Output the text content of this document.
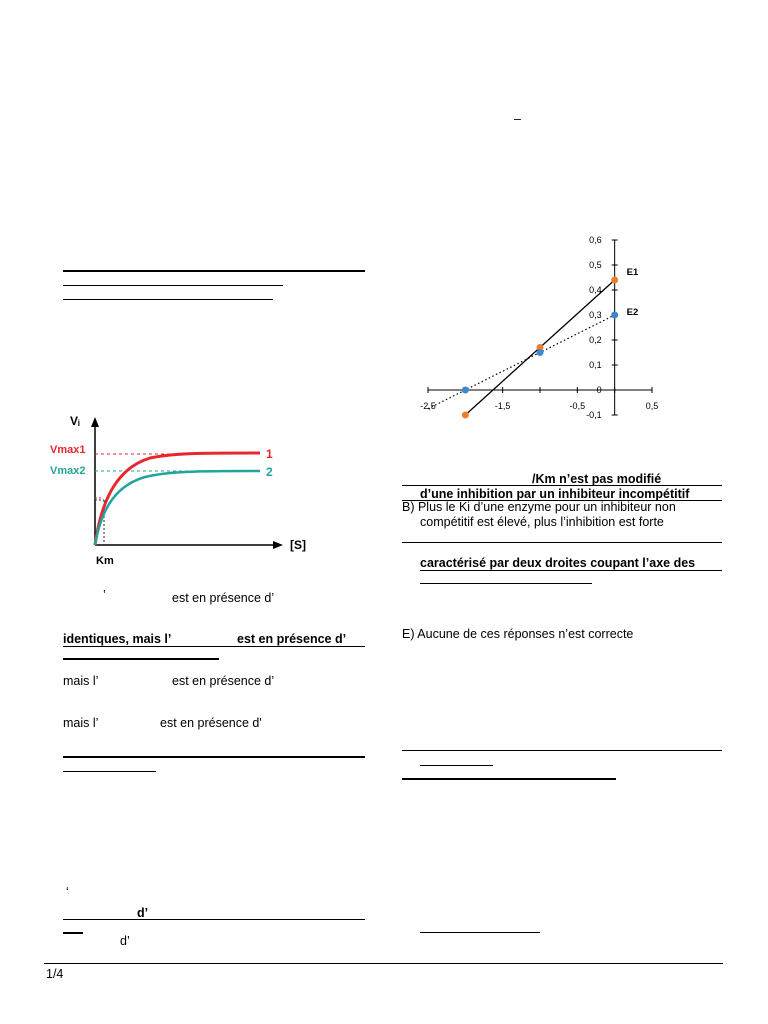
–
Vᵢ
[S]
Vmax1
Vmax2
Km
1
2
’	est en présence d’
identiques, mais l’	est en présence d’
mais l’	est en présence d’
mais l’	est en présence d'
‘
d’
d’
-2,5	-1,5	-0,5	0,5
-0,1
0
0,1
0,2
0,3
0,4
0,5
0,6
E1
E2
/Km n’est pas modifié
d’une inhibition par un inhibiteur incompétitif
B) Plus le Ki d’une enzyme pour un inhibiteur non
compétitif est élevé, plus l’inhibition est forte
caractérisé par deux droites coupant l’axe des
E) Aucune de ces réponses n’est correcte
1/4
